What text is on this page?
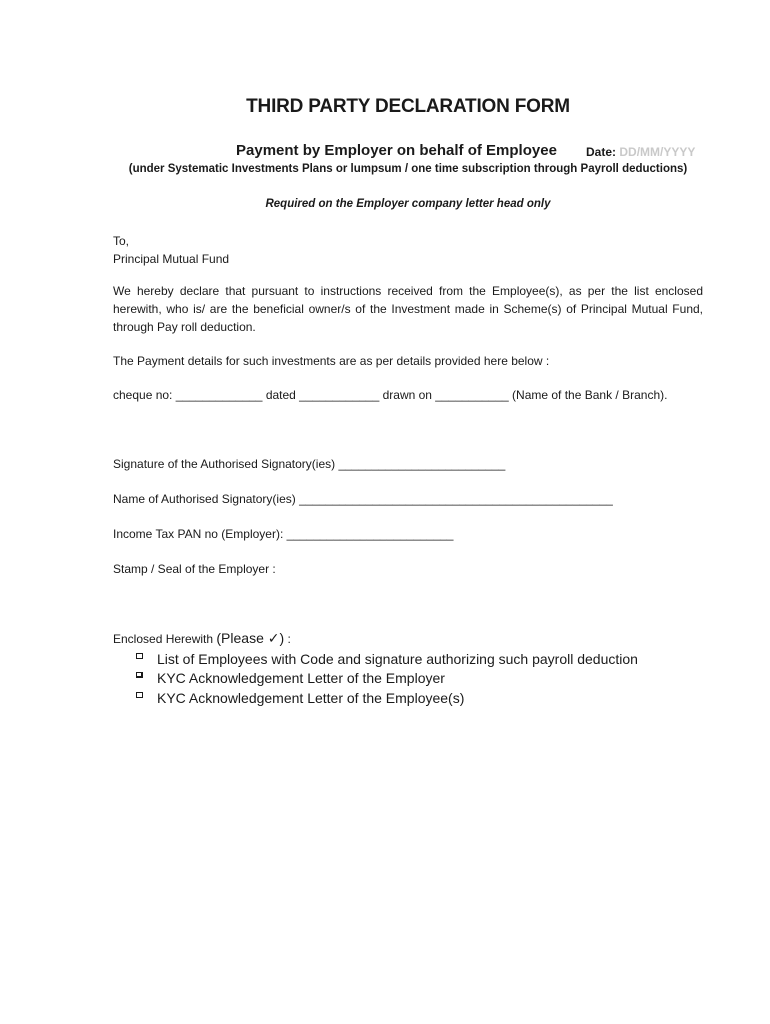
THIRD PARTY DECLARATION FORM
Payment by Employer on behalf of Employee Date: DD/MM/YYYY
(under Systematic Investments Plans or lumpsum / one time subscription through Payroll deductions)
Required on the Employer company letter head only
To,
Principal Mutual Fund
We hereby declare that pursuant to instructions received from the Employee(s), as per the list enclosed herewith, who is/ are the beneficial owner/s of the Investment made in Scheme(s) of Principal Mutual Fund, through Pay roll deduction.
The Payment details for such investments are as per details provided here below :
cheque no: _____________ dated ____________ drawn on ___________ (Name of the Bank / Branch).
Signature of the Authorised Signatory(ies) _________________________
Name of Authorised Signatory(ies) _______________________________________________
Income Tax PAN no (Employer): _________________________
Stamp / Seal of the Employer :
Enclosed Herewith (Please ✓) :
List of Employees with Code and signature authorizing such payroll deduction
KYC Acknowledgement Letter of the Employer
KYC Acknowledgement Letter of the Employee(s)
